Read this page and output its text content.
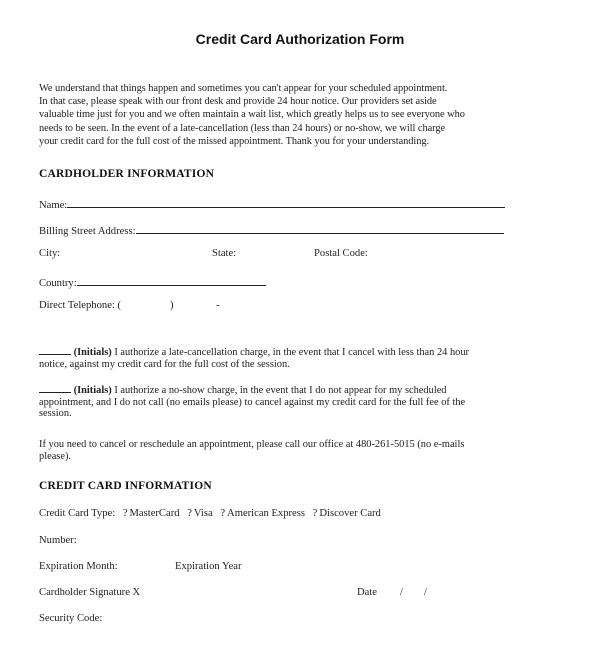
Credit Card Authorization Form
We understand that things happen and sometimes you can't appear for your scheduled appointment.
In that case, please speak with our front desk and provide 24 hour notice. Our providers set aside
valuable time just for you and we often maintain a wait list, which greatly helps us to see everyone who
needs to be seen. In the event of a late-cancellation (less than 24 hours) or no-show, we will charge
your credit card for the full cost of the missed appointment. Thank you for your understanding.
CARDHOLDER INFORMATION
Name:
Billing Street Address:
City:	State:	Postal Code:
Country:
Direct Telephone: (	)	-
(Initials) I authorize a late-cancellation charge, in the event that I cancel with less than 24 hour
notice, against my credit card for the full cost of the session.
(Initials) I authorize a no-show charge, in the event that I do not appear for my scheduled
appointment, and I do not call (no emails please) to cancel against my credit card for the full fee of the
session.
If you need to cancel or reschedule an appointment, please call our office at 480-261-5015 (no e-mails
please).
CREDIT CARD INFORMATION
Credit Card Type: ? MasterCard ? Visa ? American Express ? Discover Card
Number:
Expiration Month:	Expiration Year
Cardholder Signature X	Date / /
Security Code:
